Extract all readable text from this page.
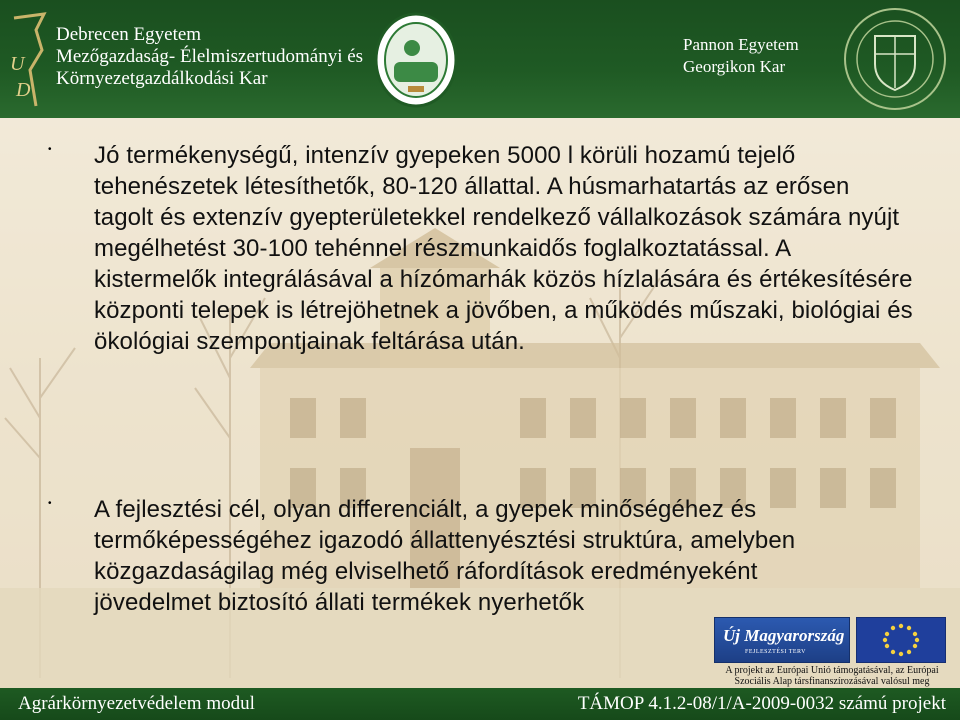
U
D
Debrecen Egyetem
Mezőgazdaság- Élelmiszertudományi és
Környezetgazdálkodási Kar
Pannon Egyetem
Georgikon Kar
• Jó termékenységű, intenzív gyepeken 5000 l körüli hozamú tejelő tehenészetek létesíthetők, 80-120 állattal. A húsmarhatartás az erősen tagolt és extenzív gyepterületekkel rendelkező vállalkozások számára nyújt megélhetést 30-100 tehénnel részmunkaidős foglalkoztatással. A kistermelők integrálásával a hízómarhák közös hízlalására és értékesítésére központi telepek is létrejöhetnek a jövőben, a működés műszaki, biológiai és ökológiai szempontjainak feltárása után.
• A fejlesztési cél, olyan differenciált, a gyepek minőségéhez és termőképességéhez igazodó állattenyésztési struktúra, amelyben közgazdaságilag még elviselhető ráfordítások eredményeként jövedelmet biztosító állati termékek nyerhetők
Új Magyarország
FEJLESZTÉSI TERV
A projekt az Európai Unió támogatásával, az Európai Szociális Alap társfinanszírozásával valósul meg
Agrárkörnyezetvédelem modul	TÁMOP 4.1.2-08/1/A-2009-0032 számú projekt
